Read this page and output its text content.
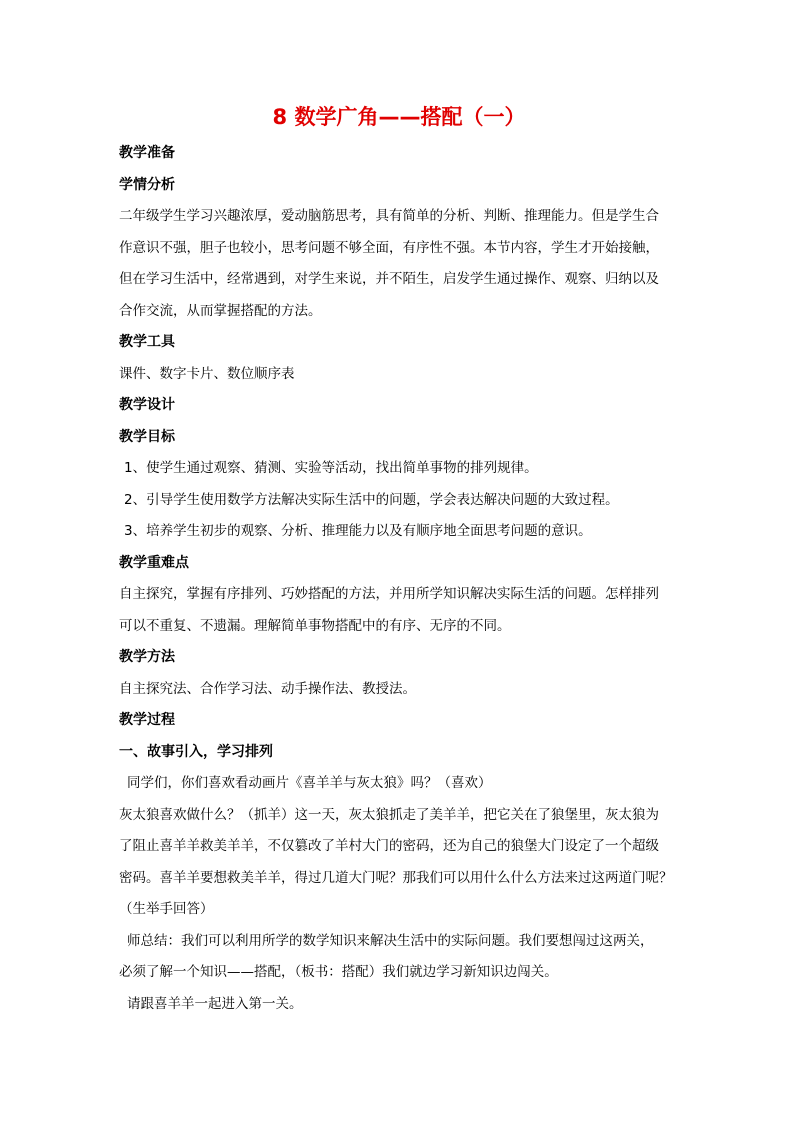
8 数学广角——搭配（一）
教学准备
学情分析
二年级学生学习兴趣浓厚，爱动脑筋思考，具有简单的分析、判断、推理能力。但是学生合
作意识不强，胆子也较小，思考问题不够全面，有序性不强。本节内容，学生才开始接触，
但在学习生活中，经常遇到，对学生来说，并不陌生，启发学生通过操作、观察、归纳以及
合作交流，从而掌握搭配的方法。
教学工具
课件、数字卡片、数位顺序表
教学设计
教学目标
1、使学生通过观察、猜测、实验等活动，找出简单事物的排列规律。
2、引导学生使用数学方法解决实际生活中的问题，学会表达解决问题的大致过程。
3、培养学生初步的观察、分析、推理能力以及有顺序地全面思考问题的意识。
教学重难点
自主探究，掌握有序排列、巧妙搭配的方法，并用所学知识解决实际生活的问题。怎样排列
可以不重复、不遗漏。理解简单事物搭配中的有序、无序的不同。
教学方法
自主探究法、合作学习法、动手操作法、教授法。
教学过程
一、故事引入，学习排列
同学们，你们喜欢看动画片《喜羊羊与灰太狼》吗？（喜欢）
灰太狼喜欢做什么？（抓羊）这一天，灰太狼抓走了美羊羊，把它关在了狼堡里，灰太狼为
了阻止喜羊羊救美羊羊，不仅篡改了羊村大门的密码，还为自己的狼堡大门设定了一个超级
密码。喜羊羊要想救美羊羊，得过几道大门呢？那我们可以用什么什么方法来过这两道门呢？
（生举手回答）
师总结：我们可以利用所学的数学知识来解决生活中的实际问题。我们要想闯过这两关，
必须了解一个知识——搭配，（板书：搭配）我们就边学习新知识边闯关。
请跟喜羊羊一起进入第一关。
